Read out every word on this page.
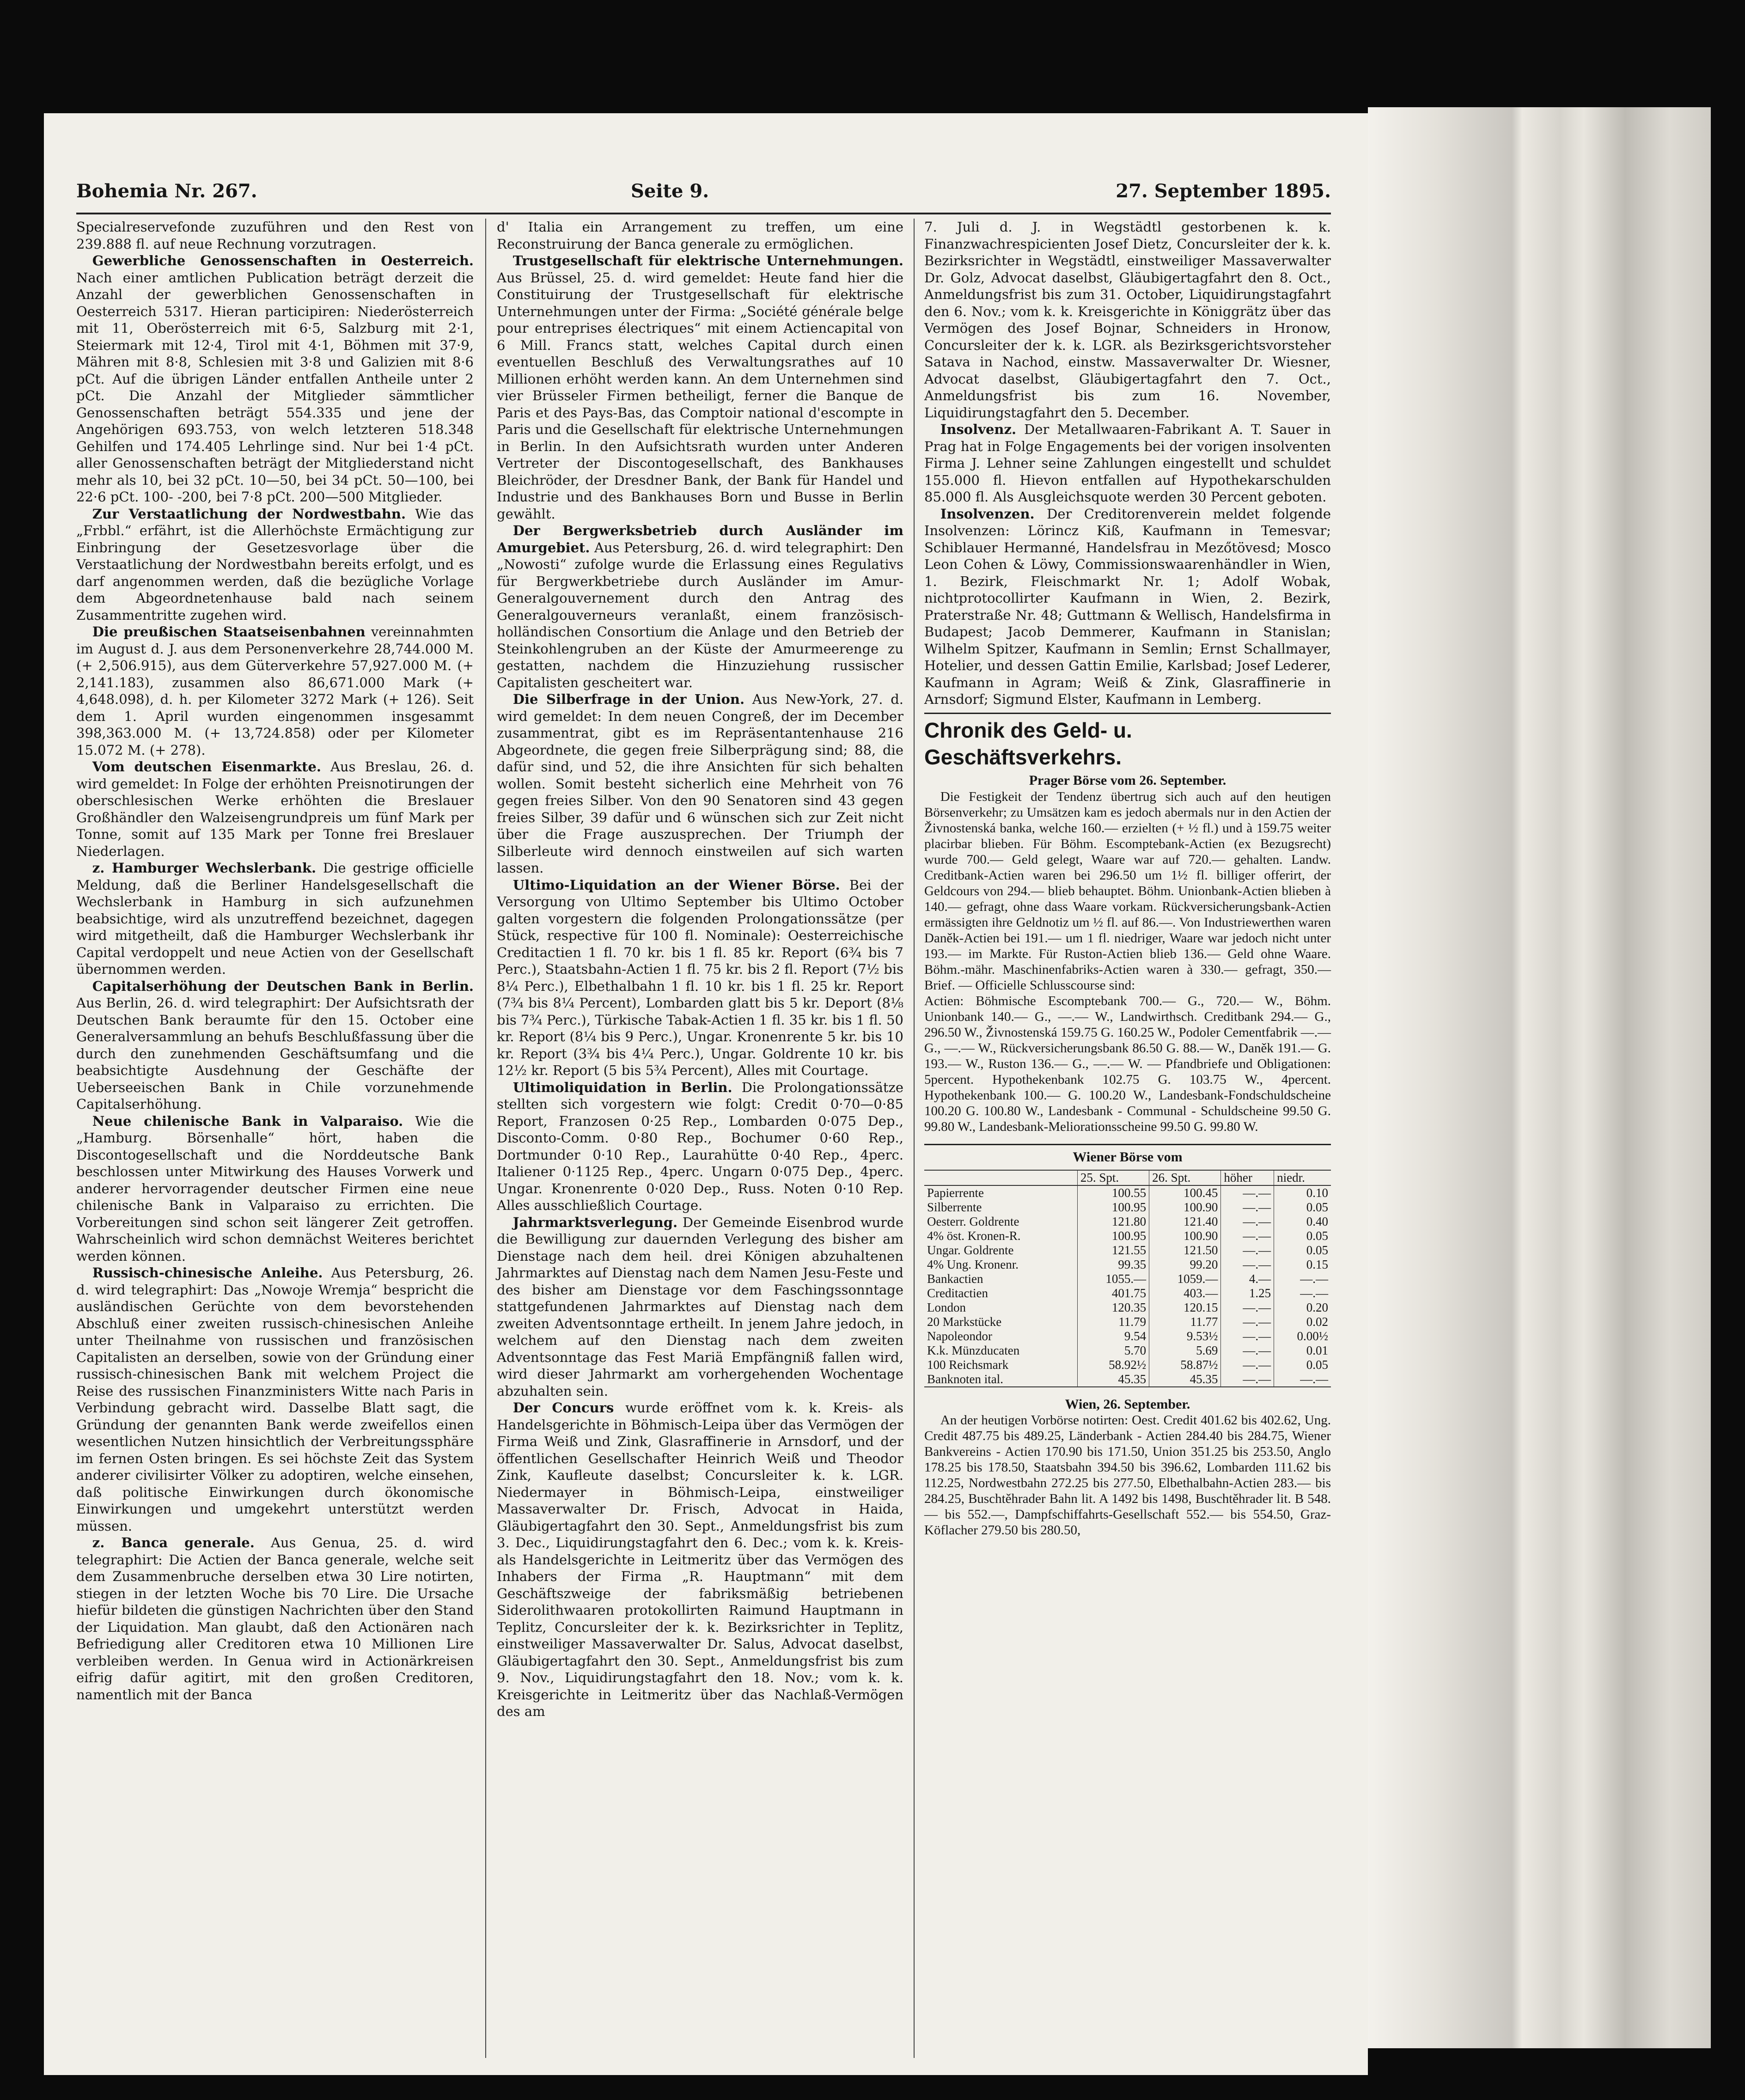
Bohemia Nr. 267.	Seite 9.	27. September 1895.

Specialreservefonde zuzuführen und den Rest von 239.888 fl. auf neue Rechnung vorzutragen.

Gewerbliche Genossenschaften in Oesterreich. Nach einer amtlichen Publication beträgt derzeit die Anzahl der gewerblichen Genossenschaften in Oesterreich 5317. Hieran participiren: Niederösterreich mit 11, Oberösterreich mit 6·5, Salzburg mit 2·1, Steiermark mit 12·4, Tirol mit 4·1, Böhmen mit 37·9, Mähren mit 8·8, Schlesien mit 3·8 und Galizien mit 8·6 pCt. Auf die übrigen Länder entfallen Antheile unter 2 pCt. Die Anzahl der Mitglieder sämmtlicher Genossenschaften beträgt 554.335 und jene der Angehörigen 693.753, von welch letzteren 518.348 Gehilfen und 174.405 Lehrlinge sind. Nur bei 1·4 pCt. aller Genossenschaften beträgt der Mitgliederstand nicht mehr als 10, bei 32 pCt. 10—50, bei 34 pCt. 50—100, bei 22·6 pCt. 100- -200, bei 7·8 pCt. 200—500 Mitglieder.

Zur Verstaatlichung der Nordwestbahn. Wie das „Frbbl.“ erfährt, ist die Allerhöchste Ermächtigung zur Einbringung der Gesetzesvorlage über die Verstaatlichung der Nordwestbahn bereits erfolgt, und es darf angenommen werden, daß die bezügliche Vorlage dem Abgeordnetenhause bald nach seinem Zusammentritte zugehen wird.

Die preußischen Staatseisenbahnen vereinnahmten im August d. J. aus dem Personenverkehre 28,744.000 M. (+ 2,506.915), aus dem Güterverkehre 57,927.000 M. (+ 2,141.183), zusammen also 86,671.000 Mark (+ 4,648.098), d. h. per Kilometer 3272 Mark (+ 126). Seit dem 1. April wurden eingenommen insgesammt 398,363.000 M. (+ 13,724.858) oder per Kilometer 15.072 M. (+ 278).

Vom deutschen Eisenmarkte. Aus Breslau, 26. d. wird gemeldet: In Folge der erhöhten Preisnotirungen der oberschlesischen Werke erhöhten die Breslauer Großhändler den Walzeisengrundpreis um fünf Mark per Tonne, somit auf 135 Mark per Tonne frei Breslauer Niederlagen.

z. Hamburger Wechslerbank. Die gestrige officielle Meldung, daß die Berliner Handelsgesellschaft die Wechslerbank in Hamburg in sich aufzunehmen beabsichtige, wird als unzutreffend bezeichnet, dagegen wird mitgetheilt, daß die Hamburger Wechslerbank ihr Capital verdoppelt und neue Actien von der Gesellschaft übernommen werden.

Capitalserhöhung der Deutschen Bank in Berlin. Aus Berlin, 26. d. wird telegraphirt: Der Aufsichtsrath der Deutschen Bank beraumte für den 15. October eine Generalversammlung an behufs Beschlußfassung über die durch den zunehmenden Geschäftsumfang und die beabsichtigte Ausdehnung der Geschäfte der Ueberseeischen Bank in Chile vorzunehmende Capitalserhöhung.

Neue chilenische Bank in Valparaiso. Wie die „Hamburg. Börsenhalle“ hört, haben die Discontogesellschaft und die Norddeutsche Bank beschlossen unter Mitwirkung des Hauses Vorwerk und anderer hervorragender deutscher Firmen eine neue chilenische Bank in Valparaiso zu errichten. Die Vorbereitungen sind schon seit längerer Zeit getroffen. Wahrscheinlich wird schon demnächst Weiteres berichtet werden können.

Russisch-chinesische Anleihe. Aus Petersburg, 26. d. wird telegraphirt: Das „Nowoje Wremja“ bespricht die ausländischen Gerüchte von dem bevorstehenden Abschluß einer zweiten russisch-chinesischen Anleihe unter Theilnahme von russischen und französischen Capitalisten an derselben, sowie von der Gründung einer russisch-chinesischen Bank mit welchem Project die Reise des russischen Finanzministers Witte nach Paris in Verbindung gebracht wird. Dasselbe Blatt sagt, die Gründung der genannten Bank werde zweifellos einen wesentlichen Nutzen hinsichtlich der Verbreitungssphäre im fernen Osten bringen. Es sei höchste Zeit das System anderer civilisirter Völker zu adoptiren, welche einsehen, daß politische Einwirkungen durch ökonomische Einwirkungen und umgekehrt unterstützt werden müssen.

z. Banca generale. Aus Genua, 25. d. wird telegraphirt: Die Actien der Banca generale, welche seit dem Zusammenbruche derselben etwa 30 Lire notirten, stiegen in der letzten Woche bis 70 Lire. Die Ursache hiefür bildeten die günstigen Nachrichten über den Stand der Liquidation. Man glaubt, daß den Actionären nach Befriedigung aller Creditoren etwa 10 Millionen Lire verbleiben werden. In Genua wird in Actionärkreisen eifrig dafür agitirt, mit den großen Creditoren, namentlich mit der Banca

d' Italia ein Arrangement zu treffen, um eine Reconstruirung der Banca generale zu ermöglichen.

Trustgesellschaft für elektrische Unternehmungen. Aus Brüssel, 25. d. wird gemeldet: Heute fand hier die Constituirung der Trustgesellschaft für elektrische Unternehmungen unter der Firma: „Société générale belge pour entreprises électriques“ mit einem Actiencapital von 6 Mill. Francs statt, welches Capital durch einen eventuellen Beschluß des Verwaltungsrathes auf 10 Millionen erhöht werden kann. An dem Unternehmen sind vier Brüsseler Firmen betheiligt, ferner die Banque de Paris et des Pays-Bas, das Comptoir national d'escompte in Paris und die Gesellschaft für elektrische Unternehmungen in Berlin. In den Aufsichtsrath wurden unter Anderen Vertreter der Discontogesellschaft, des Bankhauses Bleichröder, der Dresdner Bank, der Bank für Handel und Industrie und des Bankhauses Born und Busse in Berlin gewählt.

Der Bergwerksbetrieb durch Ausländer im Amurgebiet. Aus Petersburg, 26. d. wird telegraphirt: Den „Nowosti“ zufolge wurde die Erlassung eines Regulativs für Bergwerkbetriebe durch Ausländer im Amur-Generalgouvernement durch den Antrag des Generalgouverneurs veranlaßt, einem französisch-holländischen Consortium die Anlage und den Betrieb der Steinkohlengruben an der Küste der Amurmeerenge zu gestatten, nachdem die Hinzuziehung russischer Capitalisten gescheitert war.

Die Silberfrage in der Union. Aus New-York, 27. d. wird gemeldet: In dem neuen Congreß, der im December zusammentrat, gibt es im Repräsentantenhause 216 Abgeordnete, die gegen freie Silberprägung sind; 88, die dafür sind, und 52, die ihre Ansichten für sich behalten wollen. Somit besteht sicherlich eine Mehrheit von 76 gegen freies Silber. Von den 90 Senatoren sind 43 gegen freies Silber, 39 dafür und 6 wünschen sich zur Zeit nicht über die Frage auszusprechen. Der Triumph der Silberleute wird dennoch einstweilen auf sich warten lassen.

Ultimo-Liquidation an der Wiener Börse. Bei der Versorgung von Ultimo September bis Ultimo October galten vorgestern die folgenden Prolongationssätze (per Stück, respective für 100 fl. Nominale): Oesterreichische Creditactien 1 fl. 70 kr. bis 1 fl. 85 kr. Report (6¾ bis 7 Perc.), Staatsbahn-Actien 1 fl. 75 kr. bis 2 fl. Report (7½ bis 8¼ Perc.), Elbethalbahn 1 fl. 10 kr. bis 1 fl. 25 kr. Report (7¾ bis 8¼ Percent), Lombarden glatt bis 5 kr. Deport (8⅛ bis 7¾ Perc.), Türkische Tabak-Actien 1 fl. 35 kr. bis 1 fl. 50 kr. Report (8¼ bis 9 Perc.), Ungar. Kronenrente 5 kr. bis 10 kr. Report (3¾ bis 4¼ Perc.), Ungar. Goldrente 10 kr. bis 12½ kr. Report (5 bis 5¾ Percent), Alles mit Courtage.

Ultimoliquidation in Berlin. Die Prolongationssätze stellten sich vorgestern wie folgt: Credit 0·70—0·85 Report, Franzosen 0·25 Rep., Lombarden 0·075 Dep., Disconto-Comm. 0·80 Rep., Bochumer 0·60 Rep., Dortmunder 0·10 Rep., Laurahütte 0·40 Rep., 4perc. Italiener 0·1125 Rep., 4perc. Ungarn 0·075 Dep., 4perc. Ungar. Kronenrente 0·020 Dep., Russ. Noten 0·10 Rep. Alles ausschließlich Courtage.

Jahrmarktsverlegung. Der Gemeinde Eisenbrod wurde die Bewilligung zur dauernden Verlegung des bisher am Dienstage nach dem heil. drei Königen abzuhaltenen Jahrmarktes auf Dienstag nach dem Namen Jesu-Feste und des bisher am Dienstage vor dem Faschingssonntage stattgefundenen Jahrmarktes auf Dienstag nach dem zweiten Adventsonntage ertheilt. In jenem Jahre jedoch, in welchem auf den Dienstag nach dem zweiten Adventsonntage das Fest Mariä Empfängniß fallen wird, wird dieser Jahrmarkt am vorhergehenden Wochentage abzuhalten sein.

Der Concurs wurde eröffnet vom k. k. Kreis- als Handelsgerichte in Böhmisch-Leipa über das Vermögen der Firma Weiß und Zink, Glasraffinerie in Arnsdorf, und der öffentlichen Gesellschafter Heinrich Weiß und Theodor Zink, Kaufleute daselbst; Concursleiter k. k. LGR. Niedermayer in Böhmisch-Leipa, einstweiliger Massaverwalter Dr. Frisch, Advocat in Haida, Gläubigertagfahrt den 30. Sept., Anmeldungsfrist bis zum 3. Dec., Liquidirungstagfahrt den 6. Dec.; vom k. k. Kreis- als Handelsgerichte in Leitmeritz über das Vermögen des Inhabers der Firma „R. Hauptmann“ mit dem Geschäftszweige der fabriksmäßig betriebenen Siderolithwaaren protokollirten Raimund Hauptmann in Teplitz, Concursleiter der k. k. Bezirksrichter in Teplitz, einstweiliger Massaverwalter Dr. Salus, Advocat daselbst, Gläubigertagfahrt den 30. Sept., Anmeldungsfrist bis zum 9. Nov., Liquidirungstagfahrt den 18. Nov.; vom k. k. Kreisgerichte in Leitmeritz über das Nachlaß-Vermögen des am

7. Juli d. J. in Wegstädtl gestorbenen k. k. Finanzwachrespicienten Josef Dietz, Concursleiter der k. k. Bezirksrichter in Wegstädtl, einstweiliger Massaverwalter Dr. Golz, Advocat daselbst, Gläubigertagfahrt den 8. Oct., Anmeldungsfrist bis zum 31. October, Liquidirungstagfahrt den 6. Nov.; vom k. k. Kreisgerichte in Königgrätz über das Vermögen des Josef Bojnar, Schneiders in Hronow, Concursleiter der k. k. LGR. als Bezirksgerichtsvorsteher Satava in Nachod, einstw. Massaverwalter Dr. Wiesner, Advocat daselbst, Gläubigertagfahrt den 7. Oct., Anmeldungsfrist bis zum 16. November, Liquidirungstagfahrt den 5. December.

Insolvenz. Der Metallwaaren-Fabrikant A. T. Sauer in Prag hat in Folge Engagements bei der vorigen insolventen Firma J. Lehner seine Zahlungen eingestellt und schuldet 155.000 fl. Hievon entfallen auf Hypothekarschulden 85.000 fl. Als Ausgleichsquote werden 30 Percent geboten.

Insolvenzen. Der Creditorenverein meldet folgende Insolvenzen: Lörincz Kiß, Kaufmann in Temesvar; Schiblauer Hermanné, Handelsfrau in Mezőtövesd; Mosco Leon Cohen & Löwy, Commissionswaarenhändler in Wien, 1. Bezirk, Fleischmarkt Nr. 1; Adolf Wobak, nichtprotocollirter Kaufmann in Wien, 2. Bezirk, Praterstraße Nr. 48; Guttmann & Wellisch, Handelsfirma in Budapest; Jacob Demmerer, Kaufmann in Stanislan; Wilhelm Spitzer, Kaufmann in Semlin; Ernst Schallmayer, Hotelier, und dessen Gattin Emilie, Karlsbad; Josef Lederer, Kaufmann in Agram; Weiß & Zink, Glasraffinerie in Arnsdorf; Sigmund Elster, Kaufmann in Lemberg.

Chronik des Geld- u. Geschäftsverkehrs.

Prager Börse vom 26. September.

Die Festigkeit der Tendenz übertrug sich auch auf den heutigen Börsenverkehr; zu Umsätzen kam es jedoch abermals nur in den Actien der Živnostenská banka, welche 160.— erzielten (+ ½ fl.) und à 159.75 weiter placirbar blieben. Für Böhm. Escomptebank-Actien (ex Bezugsrecht) wurde 700.— Geld gelegt, Waare war auf 720.— gehalten. Landw. Creditbank-Actien waren bei 296.50 um 1½ fl. billiger offerirt, der Geldcours von 294.— blieb behauptet. Böhm. Unionbank-Actien blieben à 140.— gefragt, ohne dass Waare vorkam. Rückversicherungsbank-Actien ermässigten ihre Geldnotiz um ½ fl. auf 86.—. Von Industriewerthen waren Daněk-Actien bei 191.— um 1 fl. niedriger, Waare war jedoch nicht unter 193.— im Markte. Für Ruston-Actien blieb 136.— Geld ohne Waare. Böhm.-mähr. Maschinenfabriks-Actien waren à 330.— gefragt, 350.— Brief. — Officielle Schlusscourse sind:

Actien: Böhmische Escomptebank 700.— G., 720.— W., Böhm. Unionbank 140.— G., —.— W., Landwirthsch. Creditbank 294.— G., 296.50 W., Živnostenská 159.75 G. 160.25 W., Podoler Cementfabrik —.— G., —.— W., Rückversicherungsbank 86.50 G. 88.— W., Daněk 191.— G. 193.— W., Ruston 136.— G., —.— W. — Pfandbriefe und Obligationen: 5percent. Hypothekenbank 102.75 G. 103.75 W., 4percent. Hypothekenbank 100.— G. 100.20 W., Landesbank-Fondschuldscheine 100.20 G. 100.80 W., Landesbank - Communal - Schuldscheine 99.50 G. 99.80 W., Landesbank-Meliorationsscheine 99.50 G. 99.80 W.

Wiener Börse vom
	25. Spt.	26. Spt.	höher	niedr.
Papierrente	100.55	100.45	—.—	0.10
Silberrente	100.95	100.90	—.—	0.05
Oesterr. Goldrente	121.80	121.40	—.—	0.40
4% öst. Kronen-R.	100.95	100.90	—.—	0.05
Ungar. Goldrente	121.55	121.50	—.—	0.05
4% Ung. Kronenr.	99.35	99.20	—.—	0.15
Bankactien	1055.—	1059.—	4.—	—.—
Creditactien	401.75	403.—	1.25	—.—
London	120.35	120.15	—.—	0.20
20 Markstücke	11.79	11.77	—.—	0.02
Napoleondor	9.54	9.53½	—.—	0.00½
K.k. Münzducaten	5.70	5.69	—.—	0.01
100 Reichsmark	58.92½	58.87½	—.—	0.05
Banknoten ital.	45.35	45.35	—.—	—.—

Wien, 26. September.

An der heutigen Vorbörse notirten: Oest. Credit 401.62 bis 402.62, Ung. Credit 487.75 bis 489.25, Länderbank - Actien 284.40 bis 284.75, Wiener Bankvereins - Actien 170.90 bis 171.50, Union 351.25 bis 253.50, Anglo 178.25 bis 178.50, Staatsbahn 394.50 bis 396.62, Lombarden 111.62 bis 112.25, Nordwestbahn 272.25 bis 277.50, Elbethalbahn-Actien 283.— bis 284.25, Buschtěhrader Bahn lit. A 1492 bis 1498, Buschtěhrader lit. B 548.— bis 552.—, Dampfschiffahrts-Gesellschaft 552.— bis 554.50, Graz-Köflacher 279.50 bis 280.50,
